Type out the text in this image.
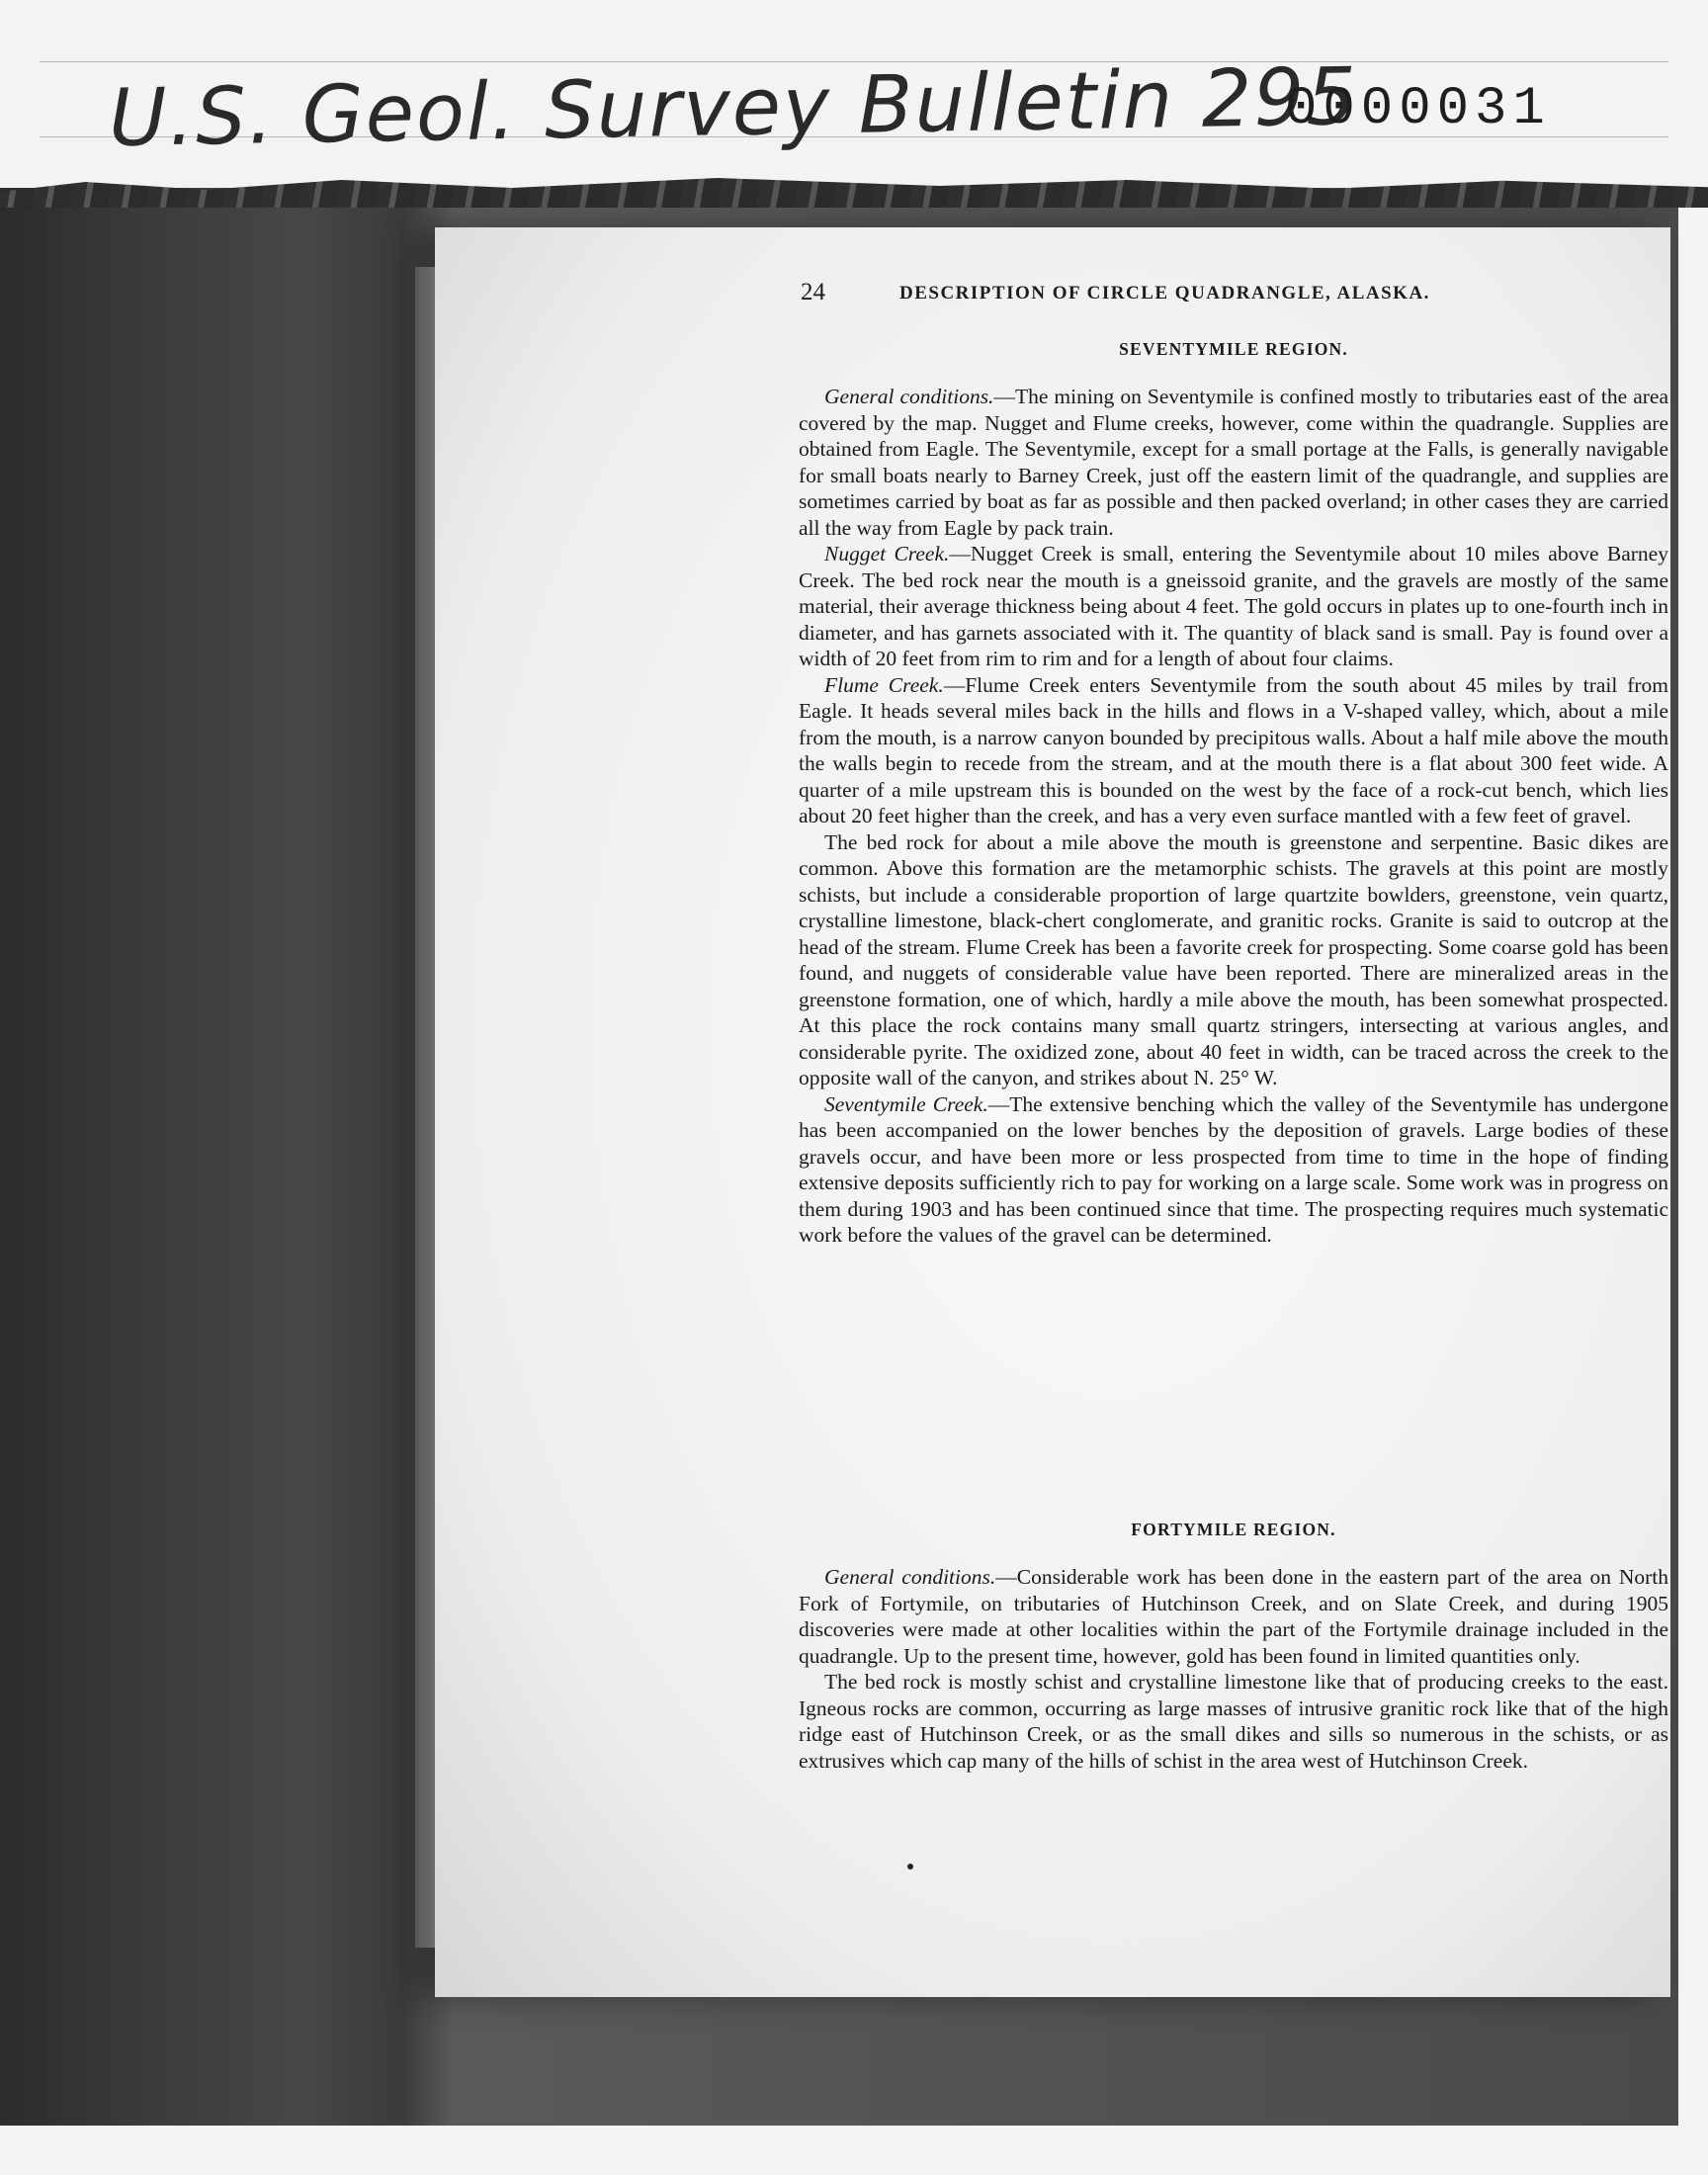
U.S. Geol. Survey Bulletin 295
0000031
24	DESCRIPTION OF CIRCLE QUADRANGLE, ALASKA.
SEVENTYMILE REGION.

General conditions.—The mining on Seventymile is confined mostly to tributaries east of the area covered by the map. Nugget and Flume creeks, however, come within the quadrangle. Supplies are obtained from Eagle. The Seventymile, except for a small portage at the Falls, is generally navigable for small boats nearly to Barney Creek, just off the eastern limit of the quadrangle, and supplies are sometimes carried by boat as far as possible and then packed overland; in other cases they are carried all the way from Eagle by pack train.

Nugget Creek.—Nugget Creek is small, entering the Seventymile about 10 miles above Barney Creek. The bed rock near the mouth is a gneissoid granite, and the gravels are mostly of the same material, their average thickness being about 4 feet. The gold occurs in plates up to one-fourth inch in diameter, and has garnets associated with it. The quantity of black sand is small. Pay is found over a width of 20 feet from rim to rim and for a length of about four claims.

Flume Creek.—Flume Creek enters Seventymile from the south about 45 miles by trail from Eagle. It heads several miles back in the hills and flows in a V-shaped valley, which, about a mile from the mouth, is a narrow canyon bounded by precipitous walls. About a half mile above the mouth the walls begin to recede from the stream, and at the mouth there is a flat about 300 feet wide. A quarter of a mile upstream this is bounded on the west by the face of a rock-cut bench, which lies about 20 feet higher than the creek, and has a very even surface mantled with a few feet of gravel.

The bed rock for about a mile above the mouth is greenstone and serpentine. Basic dikes are common. Above this formation are the metamorphic schists. The gravels at this point are mostly schists, but include a considerable proportion of large quartzite bowlders, greenstone, vein quartz, crystalline limestone, black-chert conglomerate, and granitic rocks. Granite is said to outcrop at the head of the stream. Flume Creek has been a favorite creek for prospecting. Some coarse gold has been found, and nuggets of considerable value have been reported. There are mineralized areas in the greenstone formation, one of which, hardly a mile above the mouth, has been somewhat prospected. At this place the rock contains many small quartz stringers, intersecting at various angles, and considerable pyrite. The oxidized zone, about 40 feet in width, can be traced across the creek to the opposite wall of the canyon, and strikes about N. 25° W.

Seventymile Creek.—The extensive benching which the valley of the Seventymile has undergone has been accompanied on the lower benches by the deposition of gravels. Large bodies of these gravels occur, and have been more or less prospected from time to time in the hope of finding extensive deposits sufficiently rich to pay for working on a large scale. Some work was in progress on them during 1903 and has been continued since that time. The prospecting requires much systematic work before the values of the gravel can be determined.

FORTYMILE REGION.

General conditions.—Considerable work has been done in the eastern part of the area on North Fork of Fortymile, on tributaries of Hutchinson Creek, and on Slate Creek, and during 1905 discoveries were made at other localities within the part of the Fortymile drainage included in the quadrangle. Up to the present time, however, gold has been found in limited quantities only.

The bed rock is mostly schist and crystalline limestone like that of producing creeks to the east. Igneous rocks are common, occurring as large masses of intrusive granitic rock like that of the high ridge east of Hutchinson Creek, or as the small dikes and sills so numerous in the schists, or as extrusives which cap many of the hills of schist in the area west of Hutchinson Creek.
